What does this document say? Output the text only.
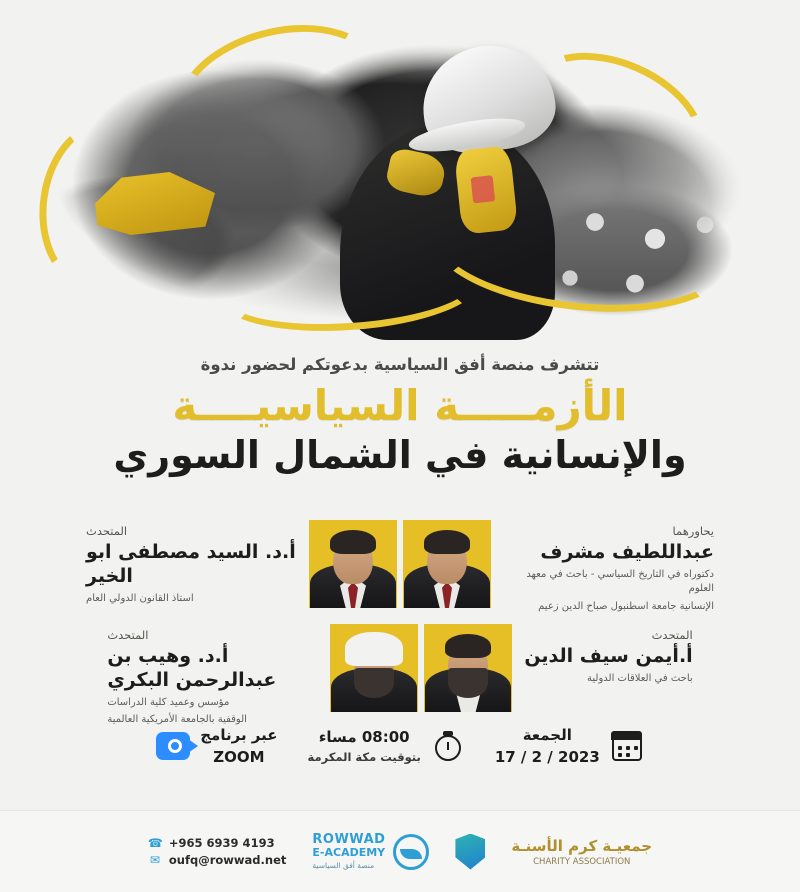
تتشرف منصة أفق السياسية بدعوتكم لحضور ندوة
الأزمـــــة السياسيــــة
والإنسانية في الشمال السوري
يحاورهما
عبداللطيف مشرف
دكتوراه في التاريخ السياسي - باحث في معهد العلوم
الإنسانية جامعة اسطنبول صباح الدين زعيم
المتحدث
أ.د. السيد مصطفى ابو الخير
استاذ القانون الدولي العام
المتحدث
أ.أيمن سيف الدين
باحث في العلاقات الدولية
المتحدث
أ.د. وهيب بن عبدالرحمن البكري
مؤسس وعميد كلية الدراسات
الوقفية بالجامعة الأمريكية العالمية
الجمعة
2023 / 2 / 17
08:00 مساء
بتوقيت مكة المكرمة
عبر برنامج
ZOOM
جمعيـة كرم الأسنـة
CHARITY ASSOCIATION
ROWWAD
E-ACADEMY
منصة أفق السياسية
☎ +965 6939 4193
✉ oufq@rowwad.net
